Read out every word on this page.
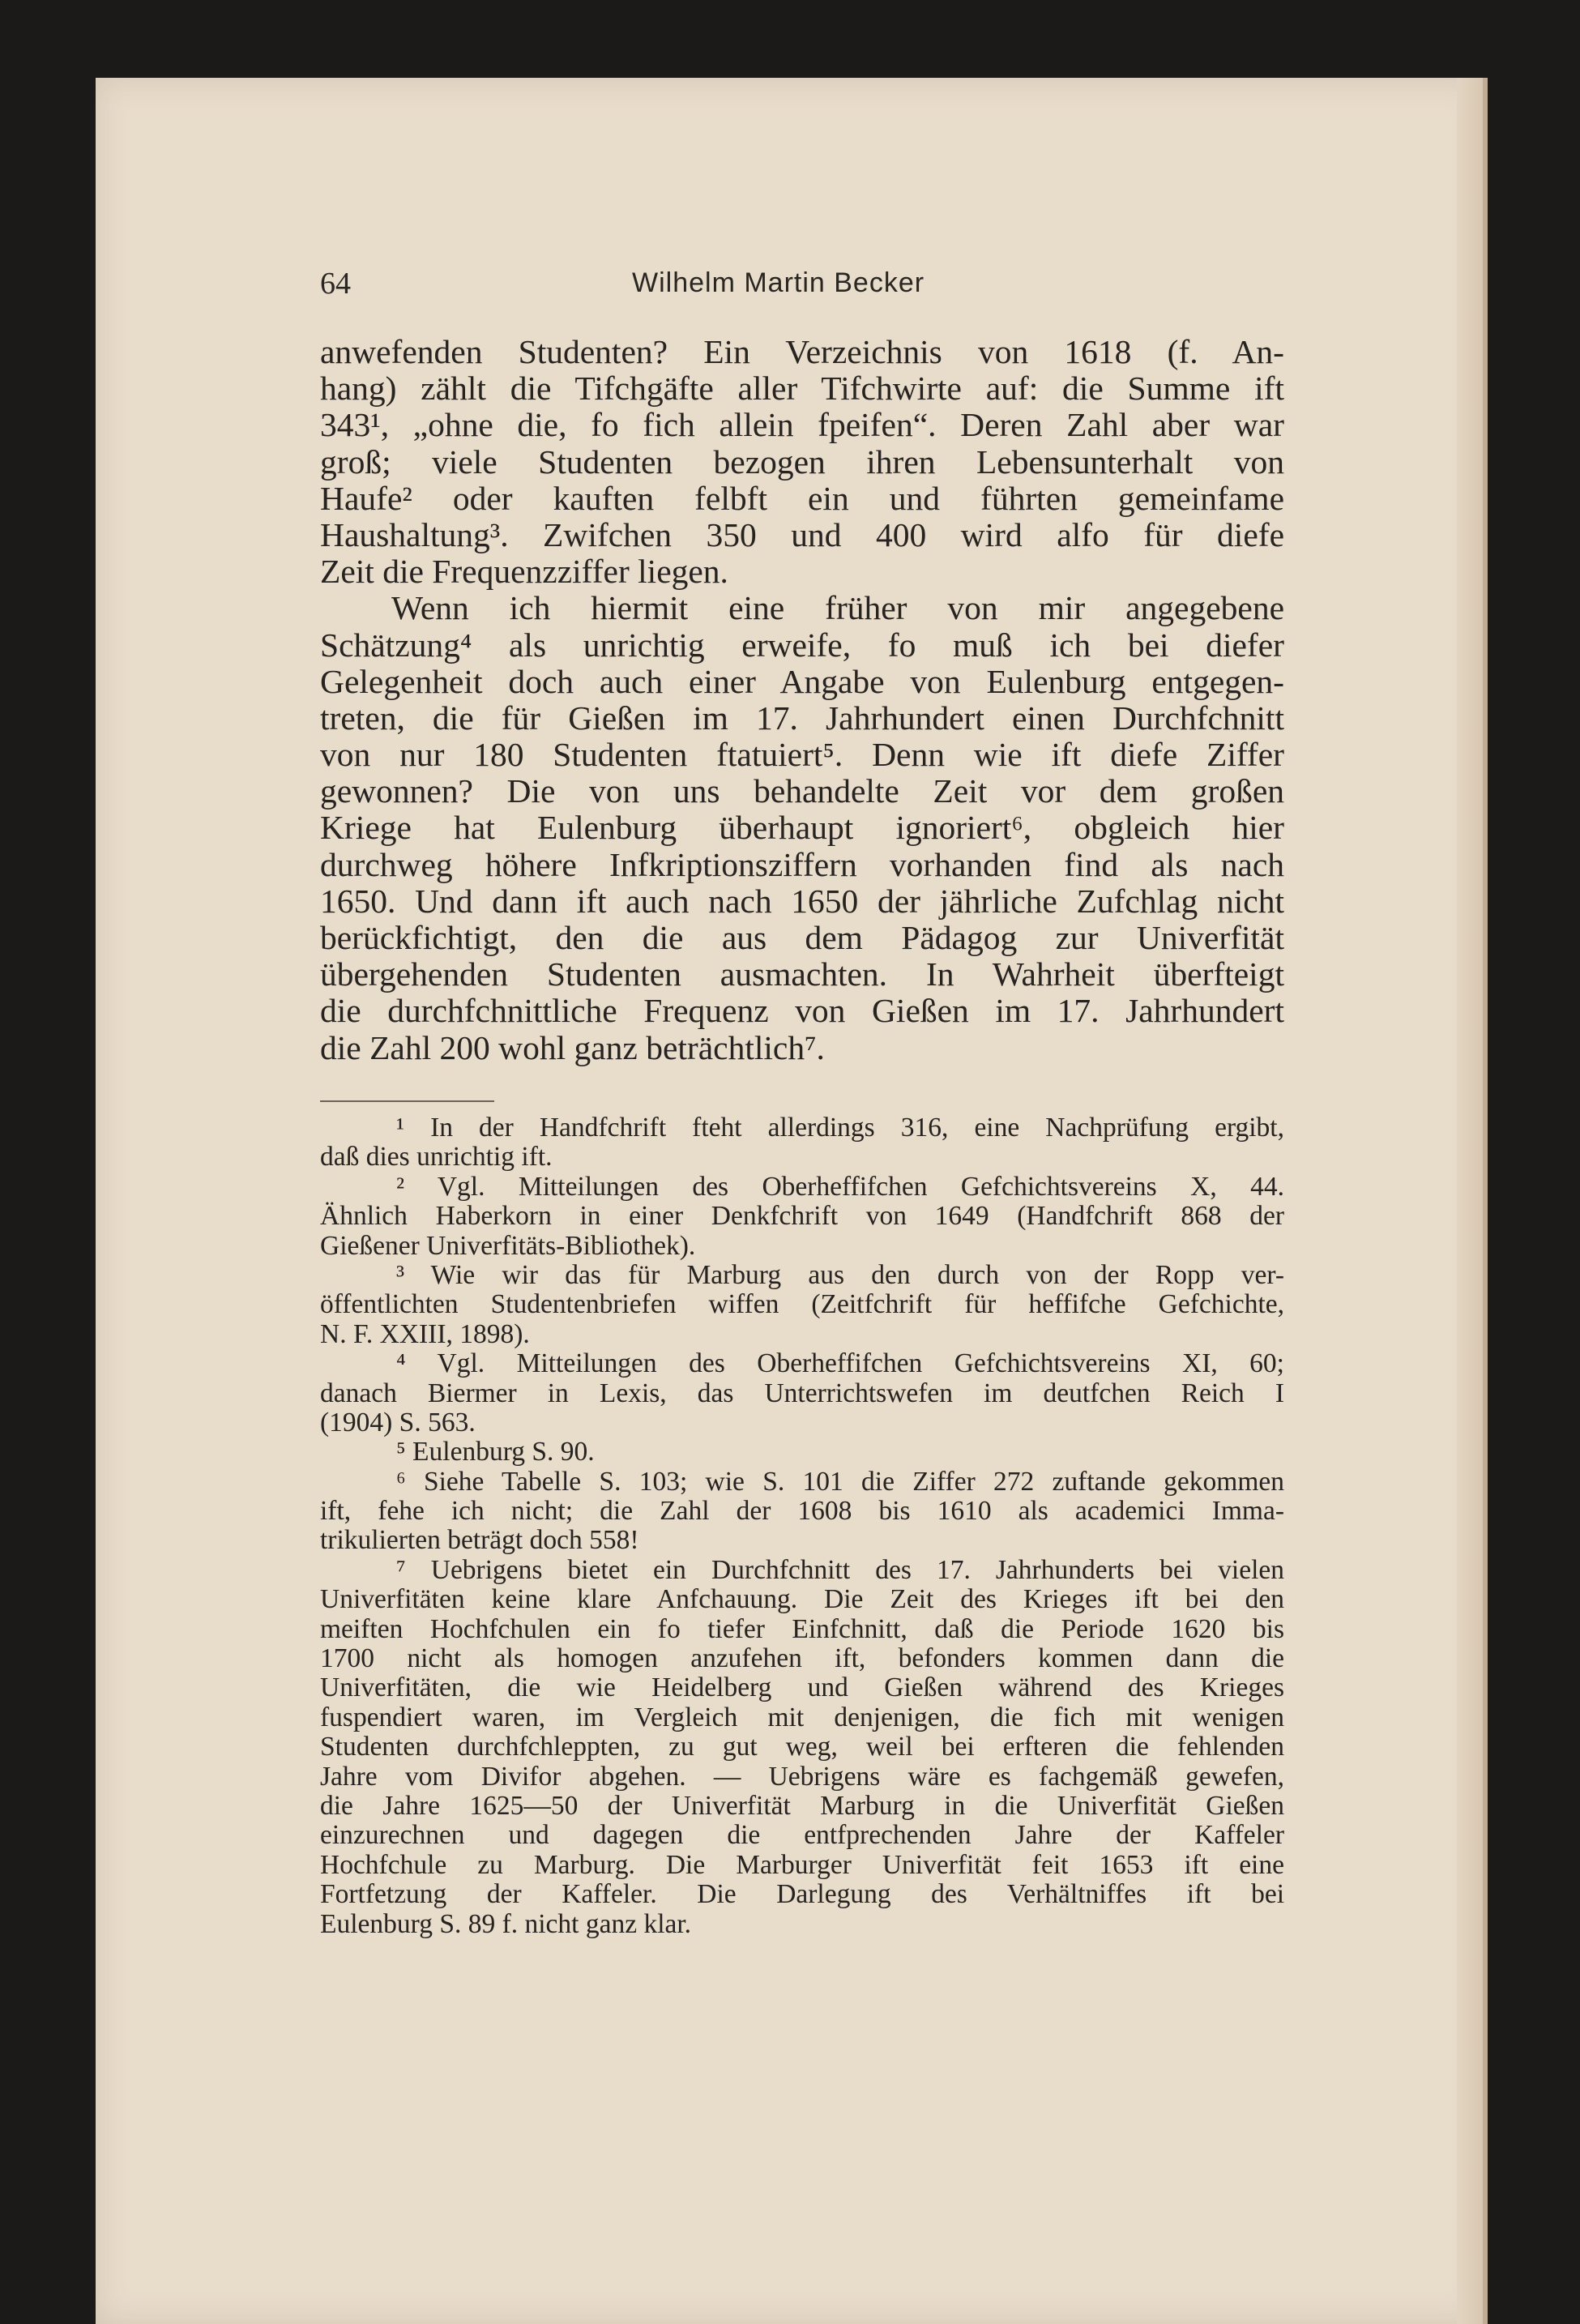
64	Wilhelm Martin Becker
anwefenden Studenten? Ein Verzeichnis von 1618 (f. An-
hang) zählt die Tifchgäfte aller Tifchwirte auf: die Summe ift
343¹, „ohne die, fo fich allein fpeifen“. Deren Zahl aber war
groß; viele Studenten bezogen ihren Lebensunterhalt von
Haufe² oder kauften felbft ein und führten gemeinfame
Haushaltung³. Zwifchen 350 und 400 wird alfo für diefe
Zeit die Frequenzziffer liegen.
Wenn ich hiermit eine früher von mir angegebene
Schätzung⁴ als unrichtig erweife, fo muß ich bei diefer
Gelegenheit doch auch einer Angabe von Eulenburg entgegen-
treten, die für Gießen im 17. Jahrhundert einen Durchfchnitt
von nur 180 Studenten ftatuiert⁵. Denn wie ift diefe Ziffer
gewonnen? Die von uns behandelte Zeit vor dem großen
Kriege hat Eulenburg überhaupt ignoriert⁶, obgleich hier
durchweg höhere Infkriptionsziffern vorhanden find als nach
1650. Und dann ift auch nach 1650 der jährliche Zufchlag nicht
berückfichtigt, den die aus dem Pädagog zur Univerfität
übergehenden Studenten ausmachten. In Wahrheit überfteigt
die durchfchnittliche Frequenz von Gießen im 17. Jahrhundert
die Zahl 200 wohl ganz beträchtlich⁷.
¹ In der Handfchrift fteht allerdings 316, eine Nachprüfung ergibt,
daß dies unrichtig ift.
² Vgl. Mitteilungen des Oberheffifchen Gefchichtsvereins X, 44.
Ähnlich Haberkorn in einer Denkfchrift von 1649 (Handfchrift 868 der
Gießener Univerfitäts-Bibliothek).
³ Wie wir das für Marburg aus den durch von der Ropp ver-
öffentlichten Studentenbriefen wiffen (Zeitfchrift für heffifche Gefchichte,
N. F. XXIII, 1898).
⁴ Vgl. Mitteilungen des Oberheffifchen Gefchichtsvereins XI, 60;
danach Biermer in Lexis, das Unterrichtswefen im deutfchen Reich I
(1904) S. 563.
⁵ Eulenburg S. 90.
⁶ Siehe Tabelle S. 103; wie S. 101 die Ziffer 272 zuftande gekommen
ift, fehe ich nicht; die Zahl der 1608 bis 1610 als academici Imma-
trikulierten beträgt doch 558!
⁷ Uebrigens bietet ein Durchfchnitt des 17. Jahrhunderts bei vielen
Univerfitäten keine klare Anfchauung. Die Zeit des Krieges ift bei den
meiften Hochfchulen ein fo tiefer Einfchnitt, daß die Periode 1620 bis
1700 nicht als homogen anzufehen ift, befonders kommen dann die
Univerfitäten, die wie Heidelberg und Gießen während des Krieges
fuspendiert waren, im Vergleich mit denjenigen, die fich mit wenigen
Studenten durchfchleppten, zu gut weg, weil bei erfteren die fehlenden
Jahre vom Divifor abgehen. — Uebrigens wäre es fachgemäß gewefen,
die Jahre 1625—50 der Univerfität Marburg in die Univerfität Gießen
einzurechnen und dagegen die entfprechenden Jahre der Kaffeler
Hochfchule zu Marburg. Die Marburger Univerfität feit 1653 ift eine
Fortfetzung der Kaffeler. Die Darlegung des Verhältniffes ift bei
Eulenburg S. 89 f. nicht ganz klar.
